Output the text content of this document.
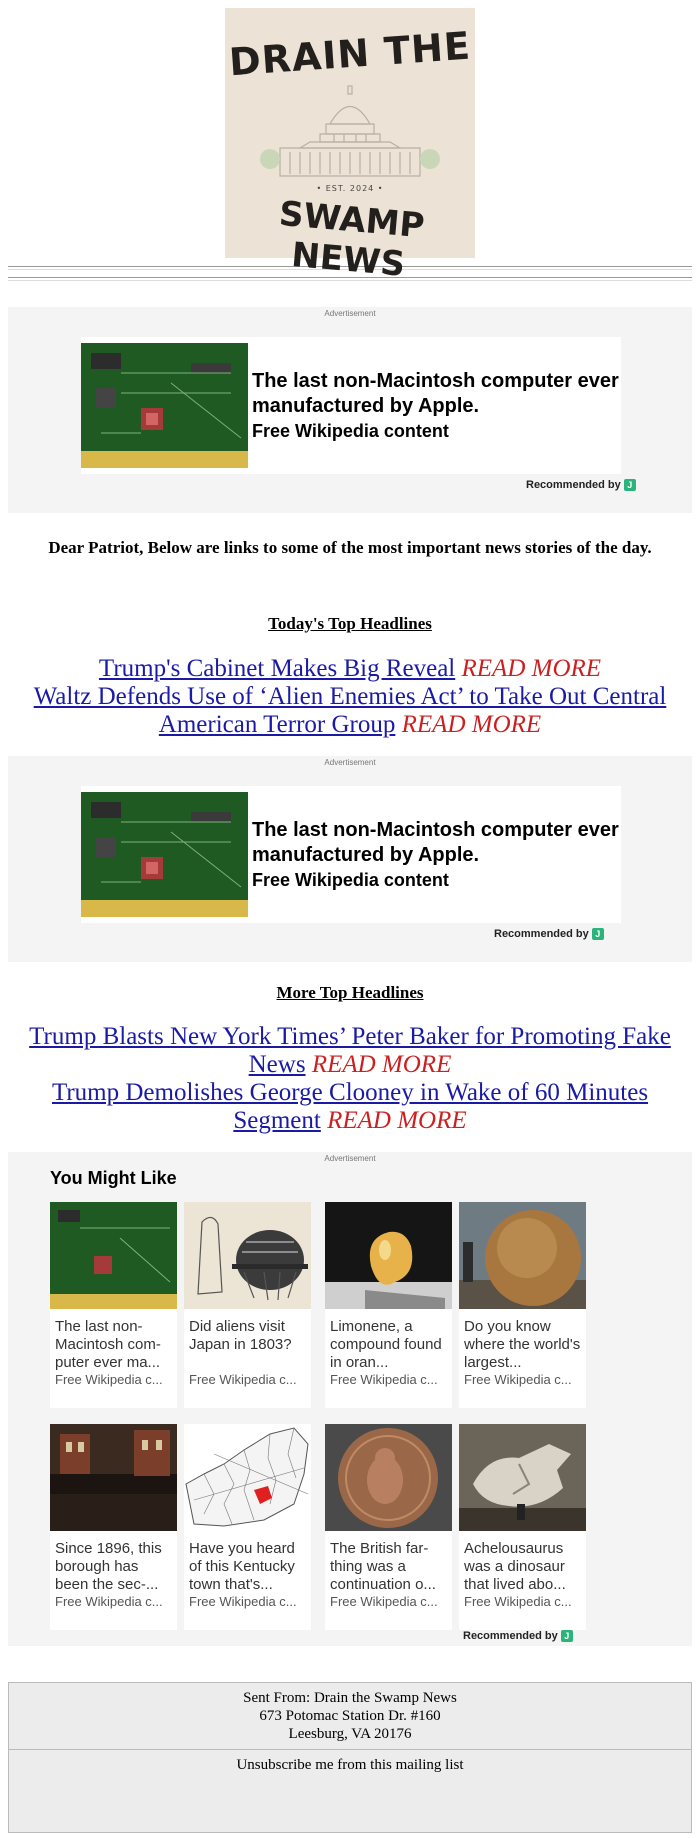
DRAIN THE
• EST. 2024 •
SWAMP NEWS
Advertisement
The last non-Macintosh computer ever manufactured by Apple.
Free Wikipedia content
Recommended by J
Dear Patriot, Below are links to some of the most important news stories of the day.
Today's Top Headlines
Trump's Cabinet Makes Big Reveal READ MORE
Waltz Defends Use of ‘Alien Enemies Act’ to Take Out Central American Terror Group READ MORE
Advertisement
The last non-Macintosh computer ever manufactured by Apple.
Free Wikipedia content
Recommended by J
More Top Headlines
Trump Blasts New York Times’ Peter Baker for Promoting Fake News READ MORE
Trump Demolishes George Clooney in Wake of 60 Minutes Segment READ MORE
Advertisement
You Might Like
The last non-Macintosh com-puter ever ma...
Free Wikipedia c...
Did aliens visit Japan in 1803?
Free Wikipedia c...
Limonene, a compound found in oran...
Free Wikipedia c...
Do you know where the world's largest...
Free Wikipedia c...
Since 1896, this borough has been the sec-...
Free Wikipedia c...
Have you heard of this Kentucky town that's...
Free Wikipedia c...
The British far-thing was a continuation o...
Free Wikipedia c...
Achelousaurus was a dinosaur that lived abo...
Free Wikipedia c...
Recommended by J
Sent From: Drain the Swamp News
673 Potomac Station Dr. #160
Leesburg, VA 20176
Unsubscribe me from this mailing list
